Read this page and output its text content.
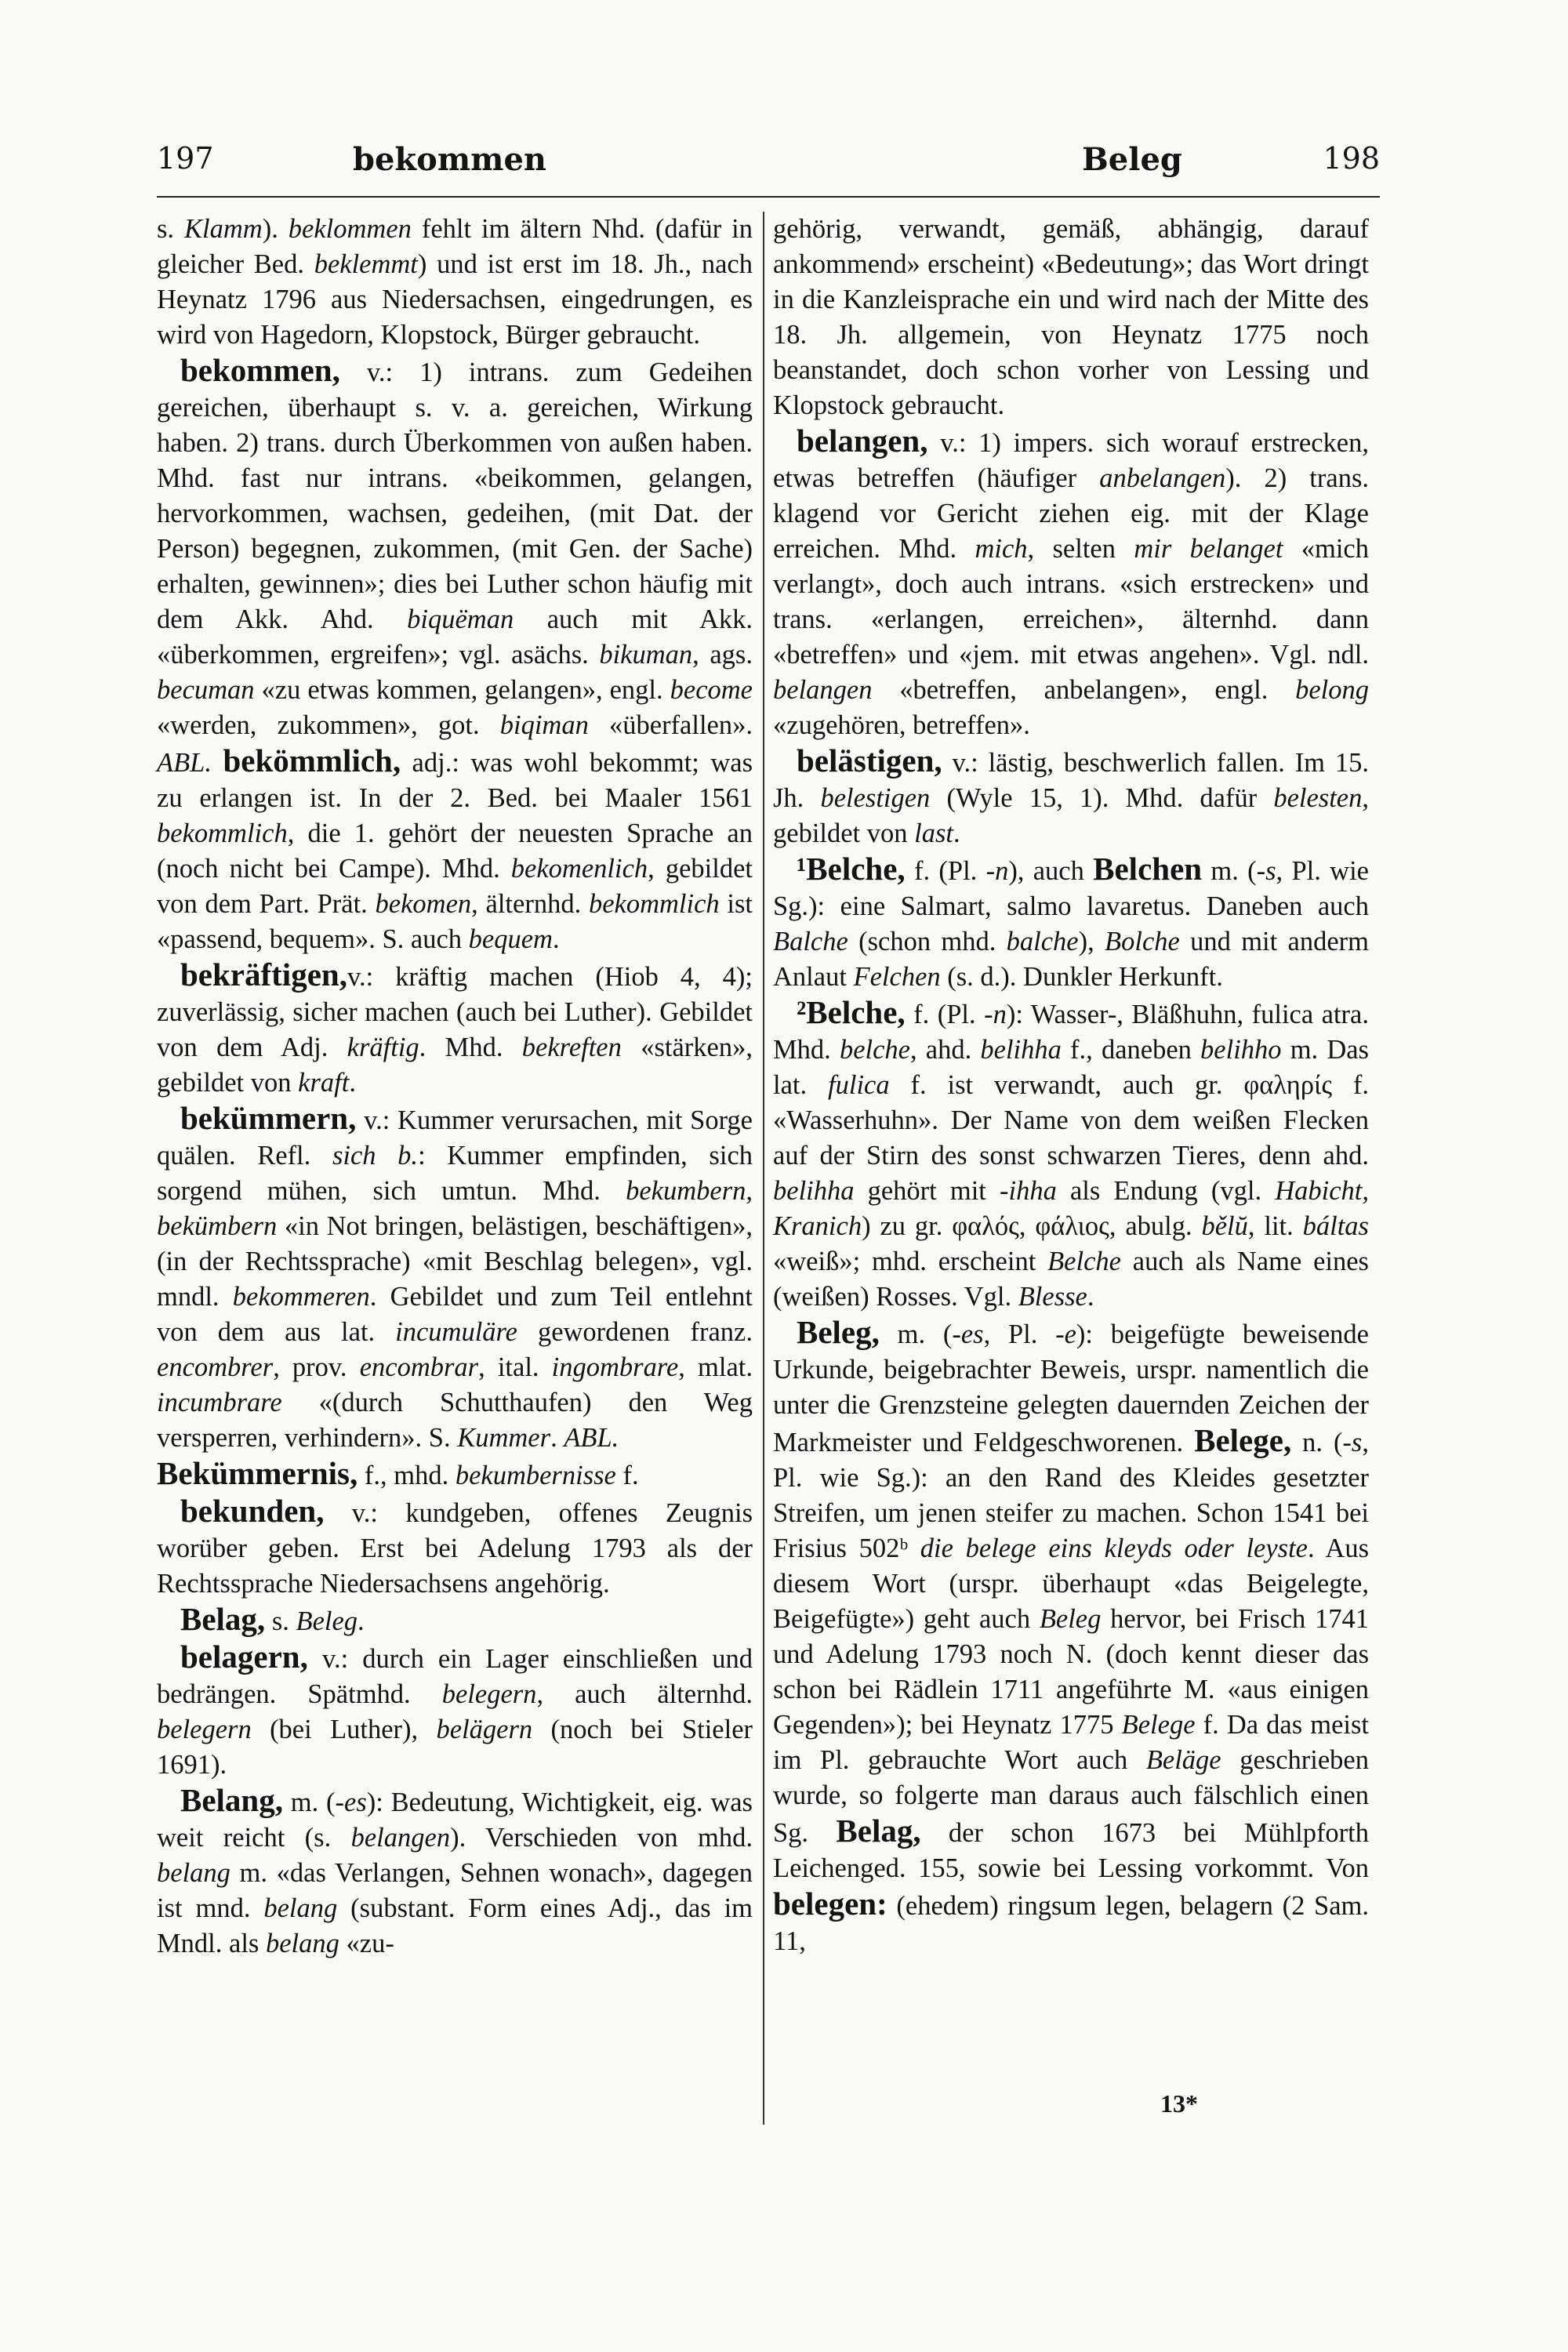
197	bekommen	Beleg	198

s. Klamm). beklommen fehlt im ältern Nhd. (dafür in gleicher Bed. beklemmt) und ist erst im 18. Jh., nach Heynatz 1796 aus Niedersachsen, eingedrungen, es wird von Hagedorn, Klopstock, Bürger gebraucht.

bekommen, v.: 1) intrans. zum Gedeihen gereichen, überhaupt s. v. a. gereichen, Wirkung haben. 2) trans. durch Überkommen von außen haben. Mhd. fast nur intrans. «beikommen, gelangen, hervorkommen, wachsen, gedeihen, (mit Dat. der Person) begegnen, zukommen, (mit Gen. der Sache) erhalten, gewinnen»; dies bei Luther schon häufig mit dem Akk. Ahd. biquëman auch mit Akk. «überkommen, ergreifen»; vgl. asächs. bikuman, ags. becuman «zu etwas kommen, gelangen», engl. become «werden, zukommen», got. biqiman «überfallen». ABL. bekömmlich, adj.: was wohl bekommt; was zu erlangen ist. In der 2. Bed. bei Maaler 1561 bekommlich, die 1. gehört der neuesten Sprache an (noch nicht bei Campe). Mhd. bekomenlich, gebildet von dem Part. Prät. bekomen, älternhd. bekommlich ist «passend, bequem». S. auch bequem.

bekräftigen,v.: kräftig machen (Hiob 4, 4); zuverlässig, sicher machen (auch bei Luther). Gebildet von dem Adj. kräftig. Mhd. bekreften «stärken», gebildet von kraft.

bekümmern, v.: Kummer verursachen, mit Sorge quälen. Refl. sich b.: Kummer empfinden, sich sorgend mühen, sich umtun. Mhd. bekumbern, bekümbern «in Not bringen, belästigen, beschäftigen», (in der Rechtssprache) «mit Beschlag belegen», vgl. mndl. bekommeren. Gebildet und zum Teil entlehnt von dem aus lat. incumuläre gewordenen franz. encombrer, prov. encombrar, ital. ingombrare, mlat. incumbrare «(durch Schutthaufen) den Weg versperren, verhindern». S. Kummer. ABL.

Bekümmernis, f., mhd. bekumbernisse f.

bekunden, v.: kundgeben, offenes Zeugnis worüber geben. Erst bei Adelung 1793 als der Rechtssprache Niedersachsens angehörig.

Belag, s. Beleg.

belagern, v.: durch ein Lager einschließen und bedrängen. Spätmhd. belegern, auch älternhd. belegern (bei Luther), belägern (noch bei Stieler 1691).

Belang, m. (-es): Bedeutung, Wichtigkeit, eig. was weit reicht (s. belangen). Verschieden von mhd. belang m. «das Verlangen, Sehnen wonach», dagegen ist mnd. belang (substant. Form eines Adj., das im Mndl. als belang «zu-

gehörig, verwandt, gemäß, abhängig, darauf ankommend» erscheint) «Bedeutung»; das Wort dringt in die Kanzleisprache ein und wird nach der Mitte des 18. Jh. allgemein, von Heynatz 1775 noch beanstandet, doch schon vorher von Lessing und Klopstock gebraucht.

belangen, v.: 1) impers. sich worauf erstrecken, etwas betreffen (häufiger anbelangen). 2) trans. klagend vor Gericht ziehen eig. mit der Klage erreichen. Mhd. mich, selten mir belanget «mich verlangt», doch auch intrans. «sich erstrecken» und trans. «erlangen, erreichen», älternhd. dann «betreffen» und «jem. mit etwas angehen». Vgl. ndl. belangen «betreffen, anbelangen», engl. belong «zugehören, betreffen».

belästigen, v.: lästig, beschwerlich fallen. Im 15. Jh. belestigen (Wyle 15, 1). Mhd. dafür belesten, gebildet von last.

¹Belche, f. (Pl. -n), auch Belchen m. (-s, Pl. wie Sg.): eine Salmart, salmo lavaretus. Daneben auch Balche (schon mhd. balche), Bolche und mit anderm Anlaut Felchen (s. d.). Dunkler Herkunft.

²Belche, f. (Pl. -n): Wasser-, Bläßhuhn, fulica atra. Mhd. belche, ahd. belihha f., daneben belihho m. Das lat. fulica f. ist verwandt, auch gr. φαληρίς f. «Wasserhuhn». Der Name von dem weißen Flecken auf der Stirn des sonst schwarzen Tieres, denn ahd. belihha gehört mit -ihha als Endung (vgl. Habicht, Kranich) zu gr. φαλός, φάλιος, abulg. bělŭ, lit. báltas «weiß»; mhd. erscheint Belche auch als Name eines (weißen) Rosses. Vgl. Blesse.

Beleg, m. (-es, Pl. -e): beigefügte beweisende Urkunde, beigebrachter Beweis, urspr. namentlich die unter die Grenzsteine gelegten dauernden Zeichen der Markmeister und Feldgeschworenen. Belege, n. (-s, Pl. wie Sg.): an den Rand des Kleides gesetzter Streifen, um jenen steifer zu machen. Schon 1541 bei Frisius 502ᵇ die belege eins kleyds oder leyste. Aus diesem Wort (urspr. überhaupt «das Beigelegte, Beigefügte») geht auch Beleg hervor, bei Frisch 1741 und Adelung 1793 noch N. (doch kennt dieser das schon bei Rädlein 1711 angeführte M. «aus einigen Gegenden»); bei Heynatz 1775 Belege f. Da das meist im Pl. gebrauchte Wort auch Beläge geschrieben wurde, so folgerte man daraus auch fälschlich einen Sg. Belag, der schon 1673 bei Mühlpforth Leichenged. 155, sowie bei Lessing vorkommt. Von belegen: (ehedem) ringsum legen, belagern (2 Sam. 11,

13*
